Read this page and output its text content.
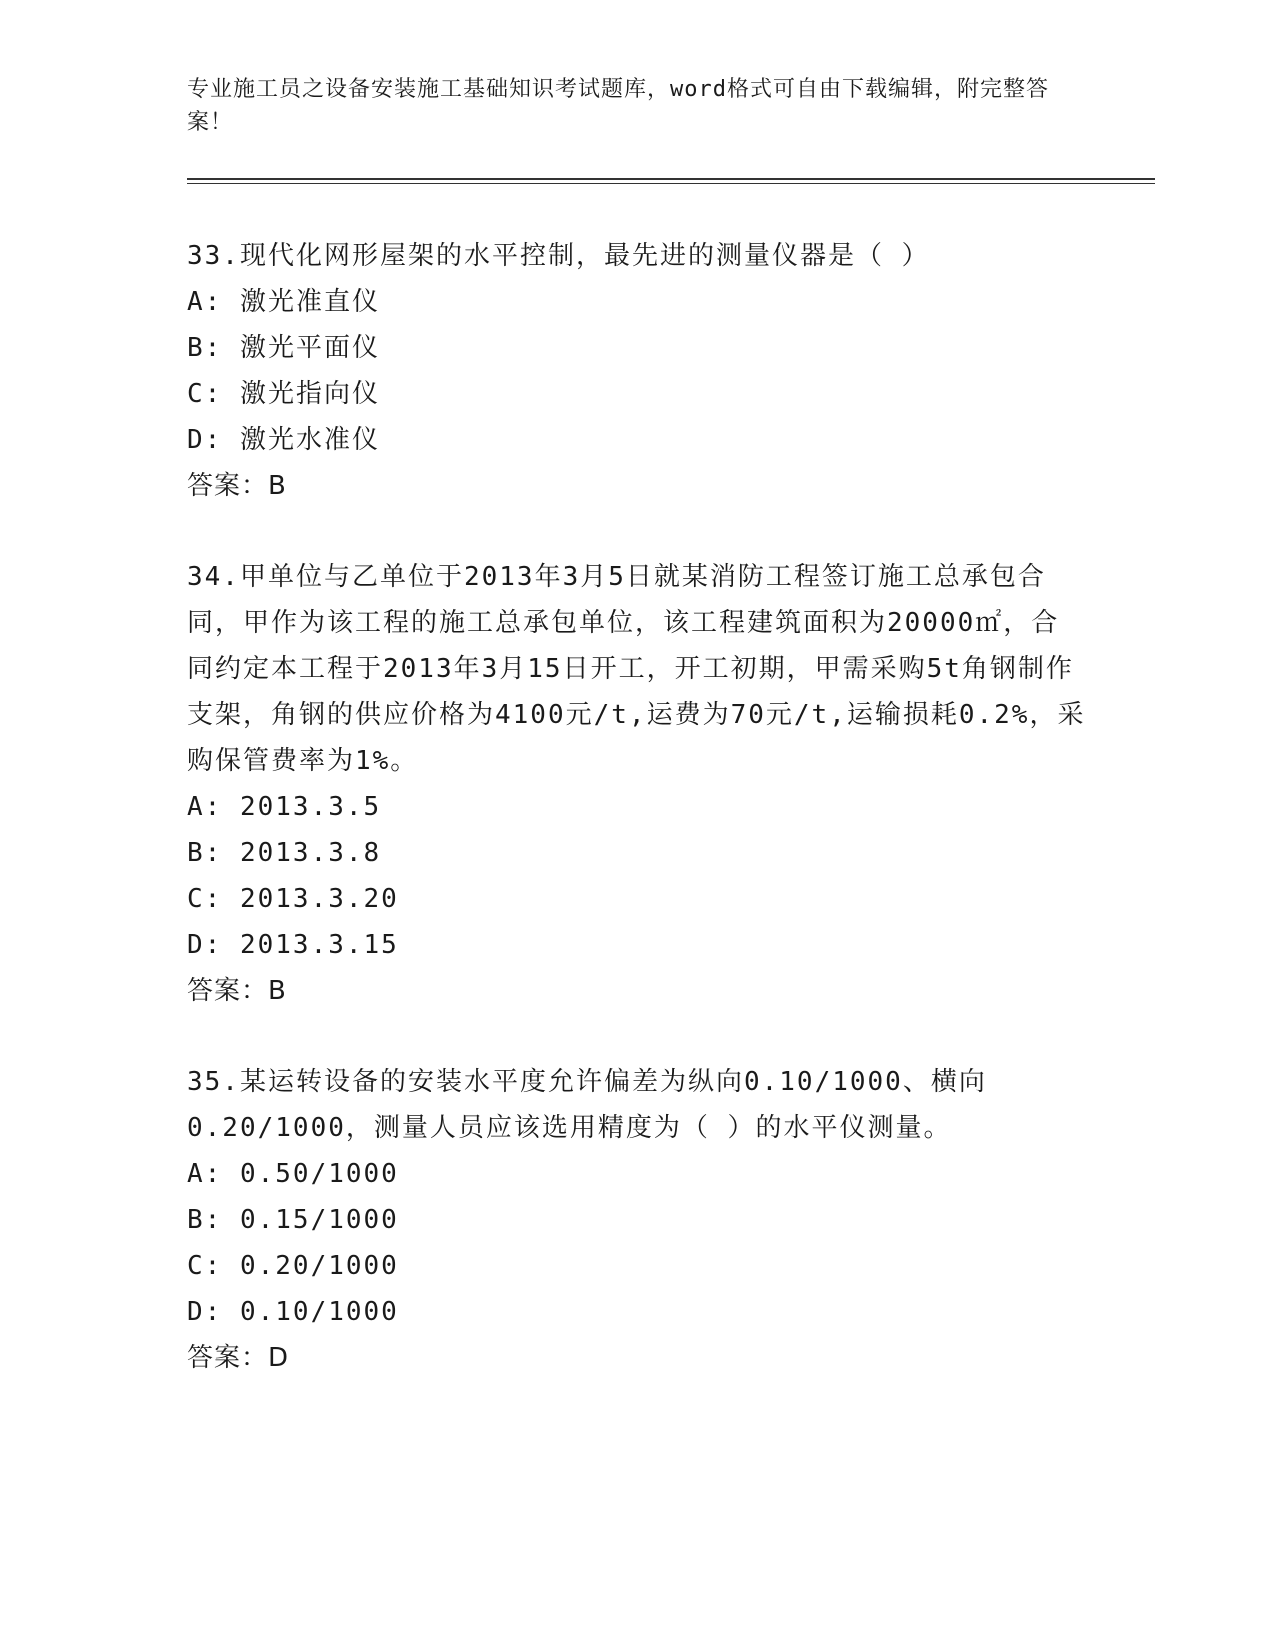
专业施工员之设备安装施工基础知识考试题库，word格式可自由下载编辑，附完整答案！

33.现代化网形屋架的水平控制，最先进的测量仪器是（ ）

A: 激光准直仪

B: 激光平面仪

C: 激光指向仪

D: 激光水准仪

答案：B

34.甲单位与乙单位于2013年3月5日就某消防工程签订施工总承包合同，甲作为该工程的施工总承包单位，该工程建筑面积为20000㎡，合同约定本工程于2013年3月15日开工，开工初期，甲需采购5t角钢制作支架，角钢的供应价格为4100元/t,运费为70元/t,运输损耗0.2%，采购保管费率为1%。

A: 2013.3.5

B: 2013.3.8

C: 2013.3.20

D: 2013.3.15

答案：B

35.某运转设备的安装水平度允许偏差为纵向0.10/1000、横向0.20/1000，测量人员应该选用精度为（ ）的水平仪测量。

A: 0.50/1000

B: 0.15/1000

C: 0.20/1000

D: 0.10/1000

答案：D
